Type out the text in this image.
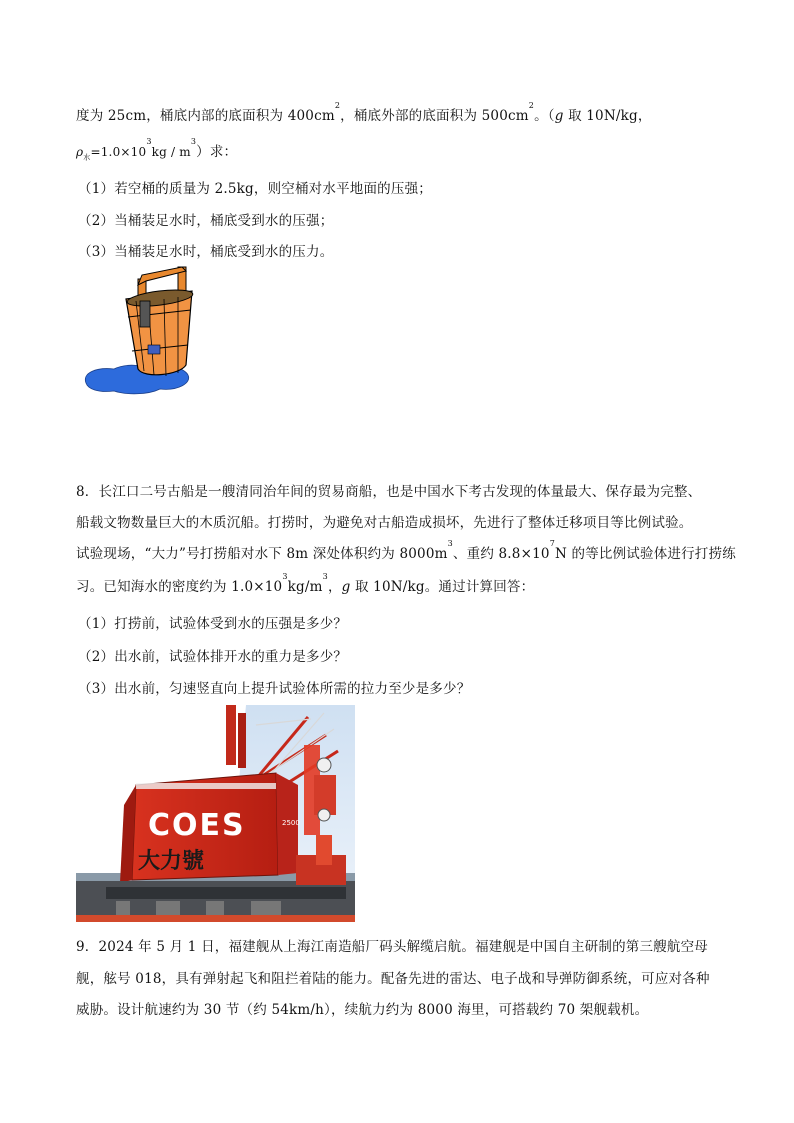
度为 25cm，桶底内部的底面积为 $400cm^2$，桶底外部的底面积为 $500cm^2$。（g 取 10N/kg，
$\rho_水=1.0\times 10^3kg / m^3$）求：
（1）若空桶的质量为 2.5kg，则空桶对水平地面的压强；
（2）当桶装足水时，桶底受到水的压强；
（3）当桶装足水时，桶底受到水的压力。
8．长江口二号古船是一艘清同治年间的贸易商船，也是中国水下考古发现的体量最大、保存最为完整、
船载文物数量巨大的木质沉船。打捞时，为避免对古船造成损坏，先进行了整体迁移项目等比例试验。
试验现场，“大力”号打捞船对水下 8m 深处体积约为 $8000m^3$、重约 $8.8\times 10^7N$ 的等比例试验体进行打捞练
习。已知海水的密度约为 $1.0\times 10^3kg/m^3$，g 取 10N/kg。通过计算回答：
（1）打捞前，试验体受到水的压强是多少？
（2）出水前，试验体排开水的重力是多少？
（3）出水前，匀速竖直向上提升试验体所需的拉力至少是多少？
COES
大力號
2500
9．2024 年 5 月 1 日，福建舰从上海江南造船厂码头解缆启航。福建舰是中国自主研制的第三艘航空母
舰，舷号 018，具有弹射起飞和阻拦着陆的能力。配备先进的雷达、电子战和导弹防御系统，可应对各种
威胁。设计航速约为 30 节（约 54km/h），续航力约为 8000 海里，可搭载约 70 架舰载机。
